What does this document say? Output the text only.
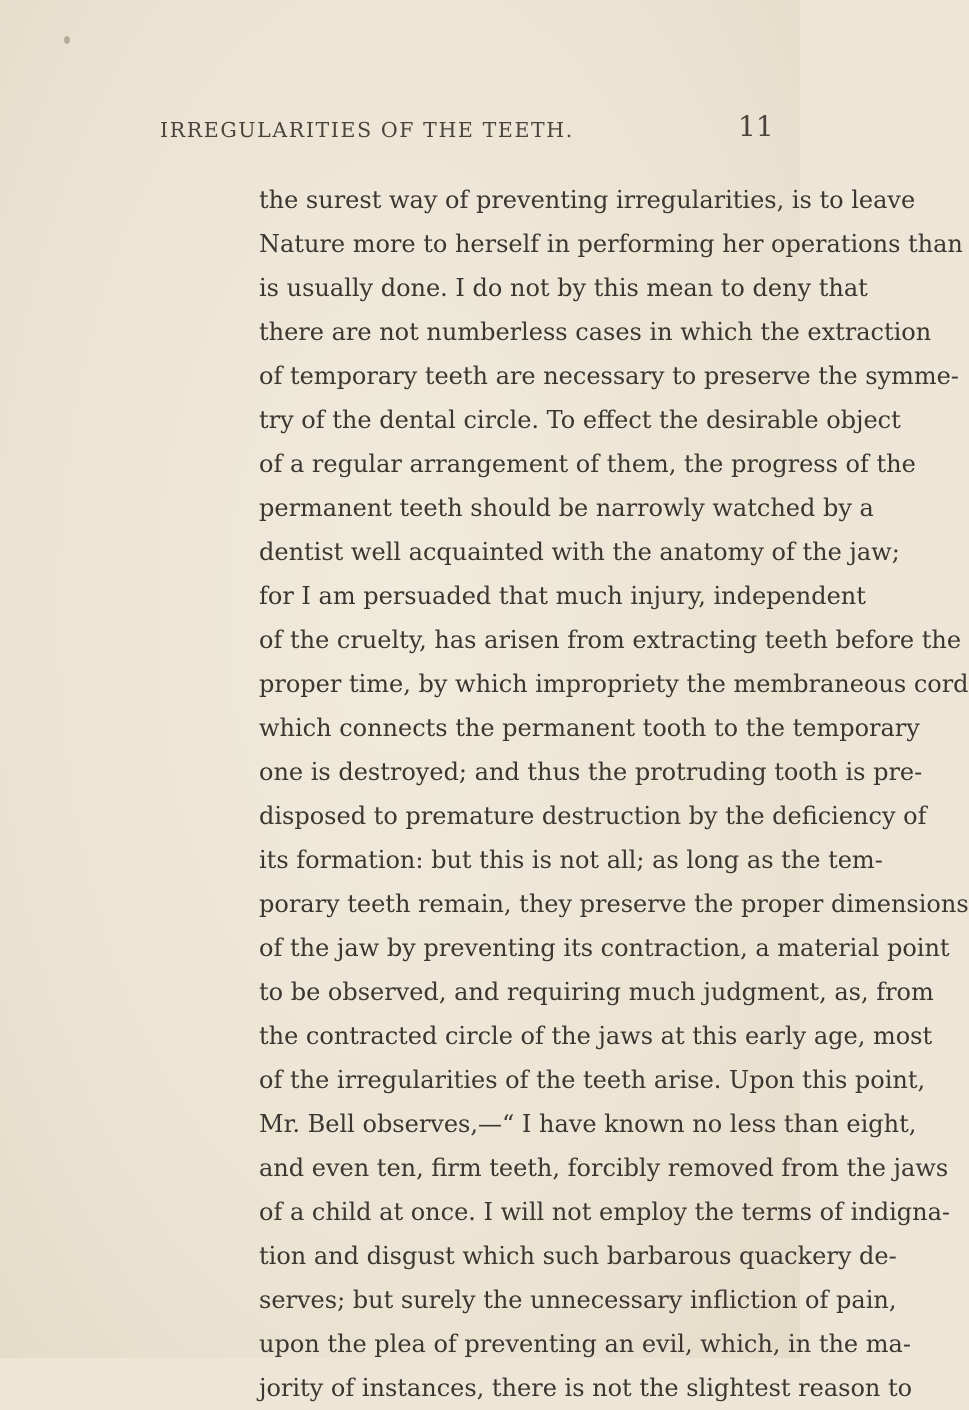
IRREGULARITIES OF THE TEETH.	11
the surest way of preventing irregularities, is to leave
Nature more to herself in performing her operations than
is usually done. I do not by this mean to deny that
there are not numberless cases in which the extraction
of temporary teeth are necessary to preserve the symme-
try of the dental circle. To effect the desirable object
of a regular arrangement of them, the progress of the
permanent teeth should be narrowly watched by a
dentist well acquainted with the anatomy of the jaw;
for I am persuaded that much injury, independent
of the cruelty, has arisen from extracting teeth before the
proper time, by which impropriety the membraneous cord
which connects the permanent tooth to the temporary
one is destroyed; and thus the protruding tooth is pre-
disposed to premature destruction by the deficiency of
its formation: but this is not all; as long as the tem-
porary teeth remain, they preserve the proper dimensions
of the jaw by preventing its contraction, a material point
to be observed, and requiring much judgment, as, from
the contracted circle of the jaws at this early age, most
of the irregularities of the teeth arise. Upon this point,
Mr. Bell observes,—“ I have known no less than eight,
and even ten, firm teeth, forcibly removed from the jaws
of a child at once. I will not employ the terms of indigna-
tion and disgust which such barbarous quackery de-
serves; but surely the unnecessary infliction of pain,
upon the plea of preventing an evil, which, in the ma-
jority of instances, there is not the slightest reason to
